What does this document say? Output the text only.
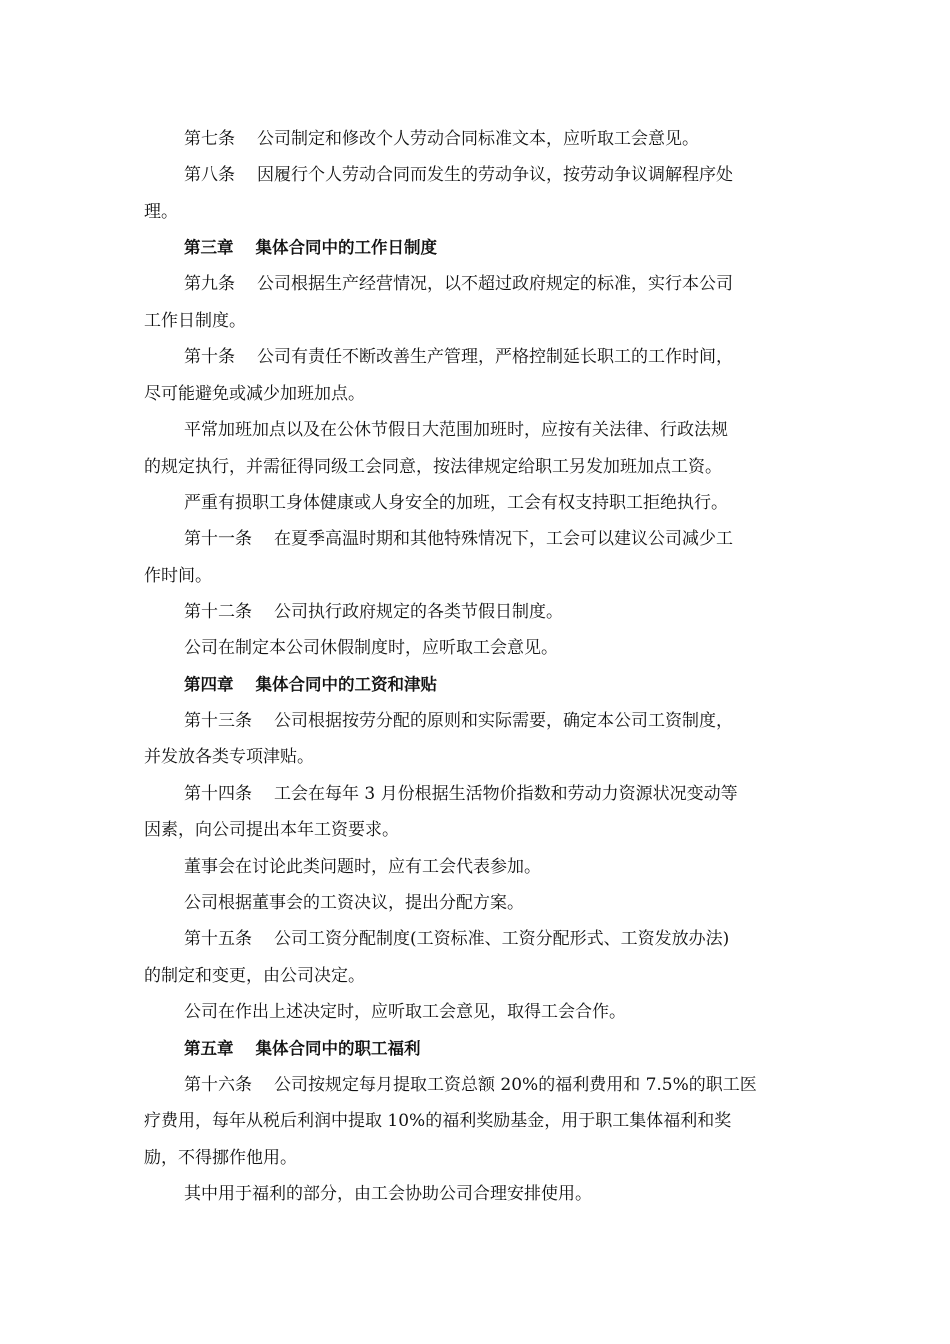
第七条 公司制定和修改个人劳动合同标准文本，应听取工会意见。
第八条 因履行个人劳动合同而发生的劳动争议，按劳动争议调解程序处
理。
第三章 集体合同中的工作日制度
第九条 公司根据生产经营情况，以不超过政府规定的标准，实行本公司
工作日制度。
第十条 公司有责任不断改善生产管理，严格控制延长职工的工作时间，
尽可能避免或减少加班加点。
平常加班加点以及在公休节假日大范围加班时，应按有关法律、行政法规
的规定执行，并需征得同级工会同意，按法律规定给职工另发加班加点工资。
严重有损职工身体健康或人身安全的加班，工会有权支持职工拒绝执行。
第十一条 在夏季高温时期和其他特殊情况下，工会可以建议公司减少工
作时间。
第十二条 公司执行政府规定的各类节假日制度。
公司在制定本公司休假制度时，应听取工会意见。
第四章 集体合同中的工资和津贴
第十三条 公司根据按劳分配的原则和实际需要，确定本公司工资制度，
并发放各类专项津贴。
第十四条 工会在每年 3 月份根据生活物价指数和劳动力资源状况变动等
因素，向公司提出本年工资要求。
董事会在讨论此类问题时，应有工会代表参加。
公司根据董事会的工资决议，提出分配方案。
第十五条 公司工资分配制度(工资标准、工资分配形式、工资发放办法)
的制定和变更，由公司决定。
公司在作出上述决定时，应听取工会意见，取得工会合作。
第五章 集体合同中的职工福利
第十六条 公司按规定每月提取工资总额 20%的福利费用和 7.5%的职工医
疗费用，每年从税后利润中提取 10%的福利奖励基金，用于职工集体福利和奖
励，不得挪作他用。
其中用于福利的部分，由工会协助公司合理安排使用。
